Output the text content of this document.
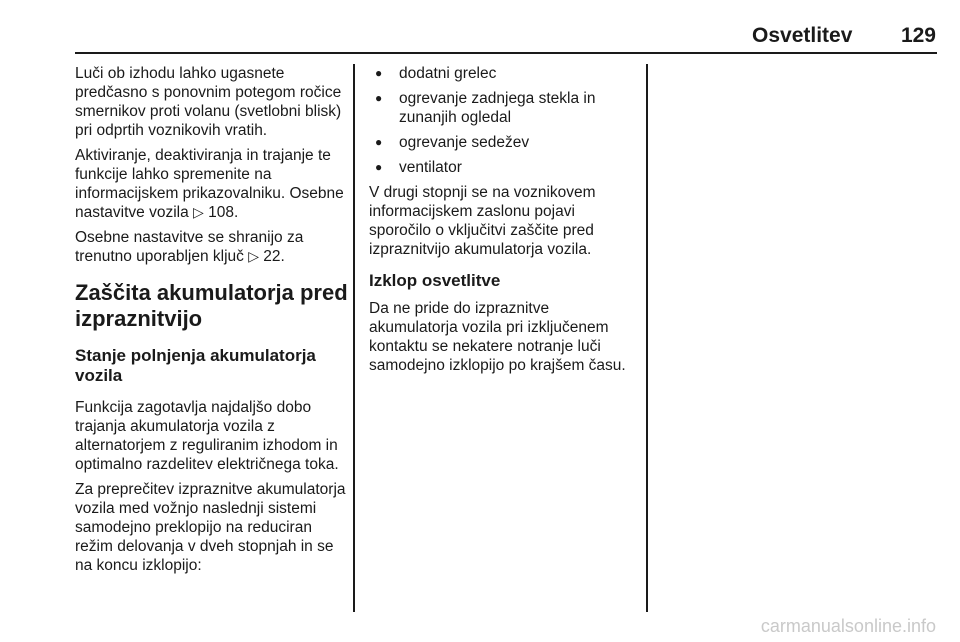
Osvetlitev	129

Luči ob izhodu lahko ugasnete predčasno s ponovnim potegom ročice smernikov proti volanu (svetlobni blisk) pri odprtih voznikovih vratih.

Aktiviranje, deaktiviranja in trajanje te funkcije lahko spremenite na informacijskem prikazovalniku. Osebne nastavitve vozila ▷ 108.

Osebne nastavitve se shranijo za trenutno uporabljen ključ ▷ 22.

Zaščita akumulatorja pred izpraznitvijo
Stanje polnjenja akumulatorja vozila

Funkcija zagotavlja najdaljšo dobo trajanja akumulatorja vozila z alternatorjem z reguliranim izhodom in optimalno razdelitev električnega toka.

Za preprečitev izpraznitve akumulatorja vozila med vožnjo naslednji sistemi samodejno preklopijo na reduciran režim delovanja v dveh stopnjah in se na koncu izklopijo:

● dodatni grelec
● ogrevanje zadnjega stekla in zunanjih ogledal
● ogrevanje sedežev
● ventilator

V drugi stopnji se na voznikovem informacijskem zaslonu pojavi sporočilo o vključitvi zaščite pred izpraznitvijo akumulatorja vozila.

Izklop osvetlitve

Da ne pride do izpraznitve akumulatorja vozila pri izključenem kontaktu se nekatere notranje luči samodejno izklopijo po krajšem času.

carmanualsonline.info
